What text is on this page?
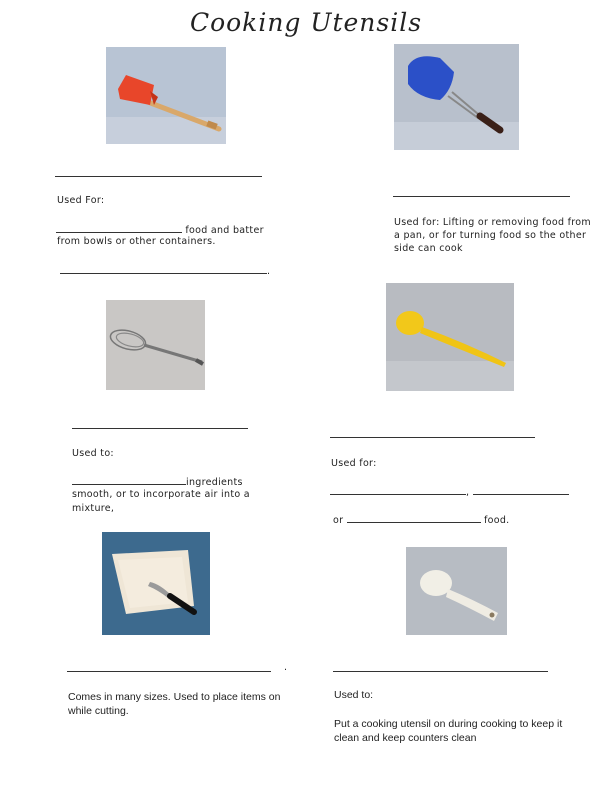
Cooking Utensils
Used For:
food and batter
from bowls or other containers.
.
Used for: Lifting or removing food from a pan, or for turning food so the other side can cook
Used to:
ingredients
smooth, or to incorporate air into a
mixture,
Used for:
,
or	food.
.
Comes in many sizes. Used to place items on while cutting.
Used to:
Put a cooking utensil on during cooking to keep it clean and keep counters clean
